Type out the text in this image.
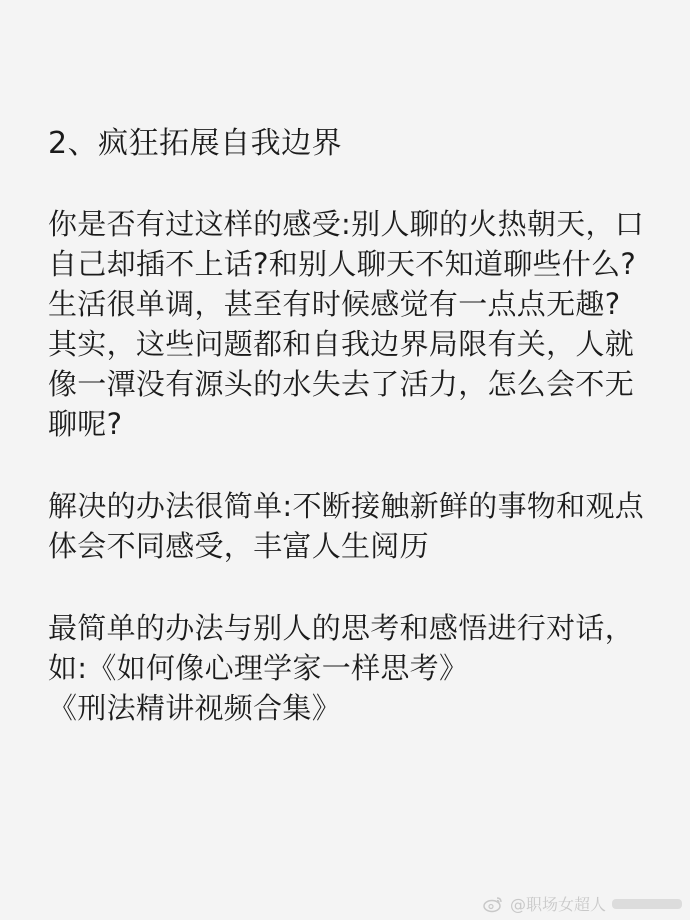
2、疯狂拓展自我边界

你是否有过这样的感受:别人聊的火热朝天，口
自己却插不上话?和别人聊天不知道聊些什么?
生活很单调，甚至有时候感觉有一点点无趣?
其实，这些问题都和自我边界局限有关，人就
像一潭没有源头的水失去了活力，怎么会不无
聊呢?

解决的办法很简单:不断接触新鲜的事物和观点
体会不同感受，丰富人生阅历

最简单的办法与别人的思考和感悟进行对话，
如:《如何像心理学家一样思考》
《刑法精讲视频合集》

@职场女超人
